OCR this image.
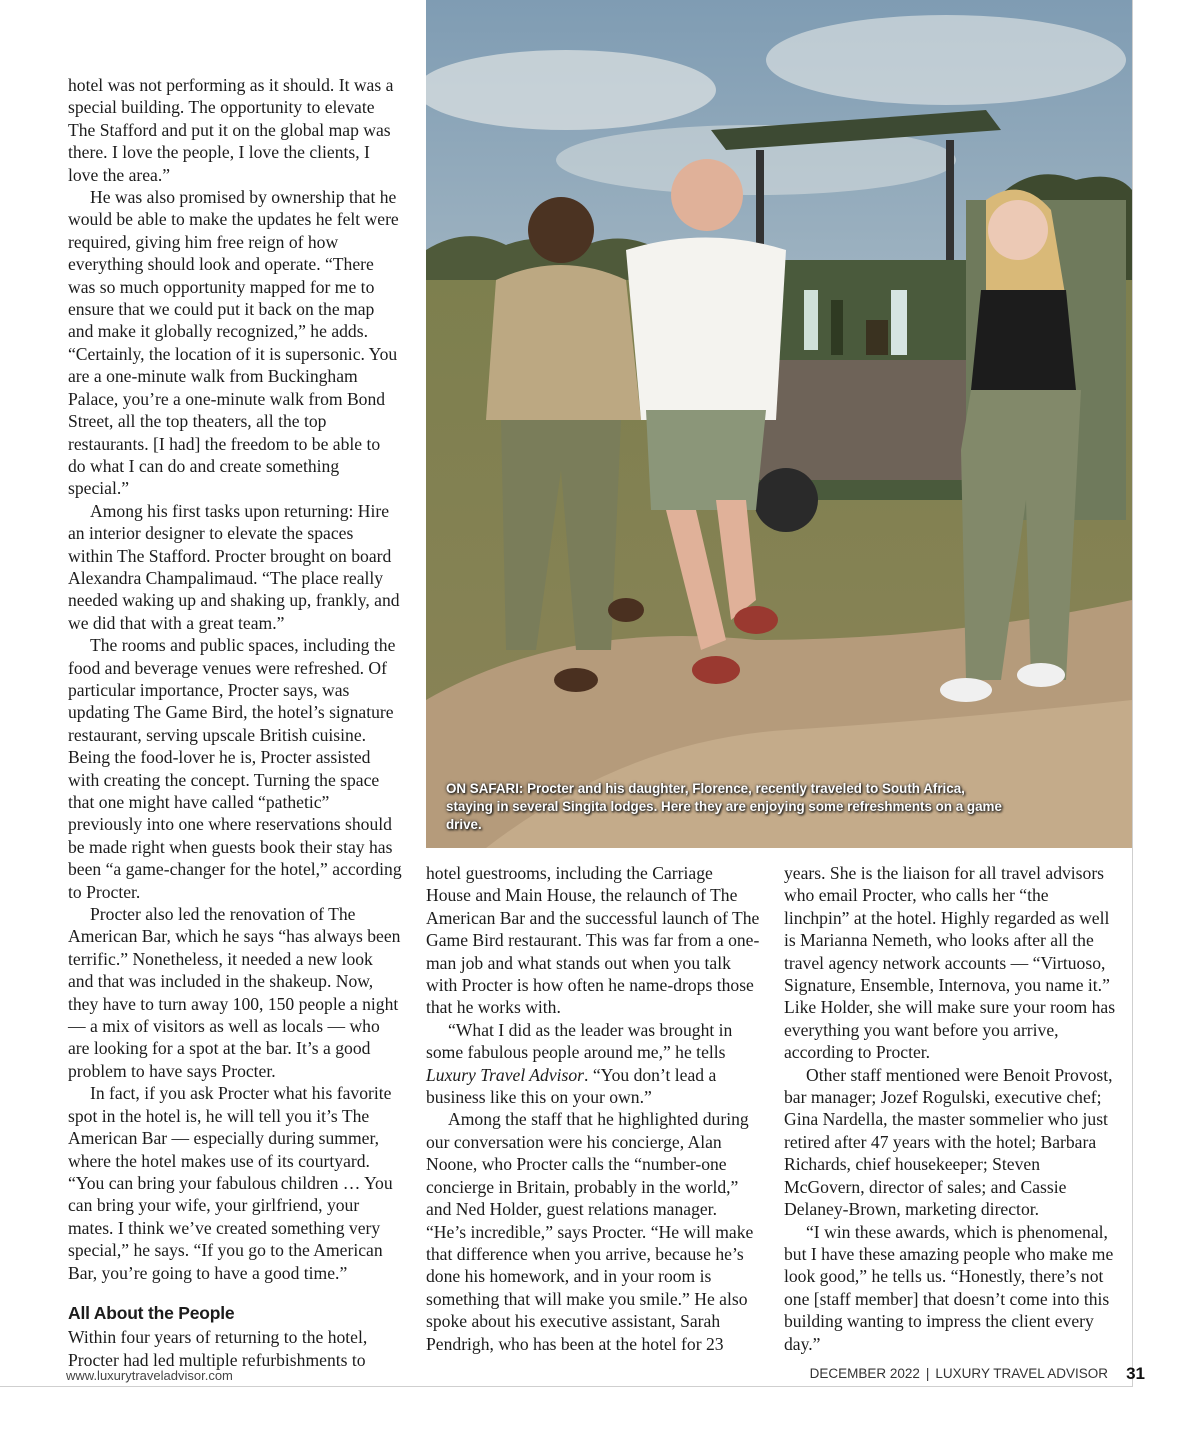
hotel was not performing as it should. It was a special building. The opportunity to elevate The Stafford and put it on the global map was there. I love the people, I love the clients, I love the area.”

He was also promised by ownership that he would be able to make the updates he felt were required, giving him free reign of how everything should look and operate. “There was so much opportunity mapped for me to ensure that we could put it back on the map and make it globally recognized,” he adds. “Certainly, the location of it is supersonic. You are a one-minute walk from Buckingham Palace, you’re a one-minute walk from Bond Street, all the top theaters, all the top restaurants. [I had] the freedom to be able to do what I can do and create something special.”

Among his first tasks upon returning: Hire an interior designer to elevate the spaces within The Stafford. Procter brought on board Alexandra Champalimaud. “The place really needed waking up and shaking up, frankly, and we did that with a great team.”

The rooms and public spaces, including the food and beverage venues were refreshed. Of particular importance, Procter says, was updating The Game Bird, the hotel’s signature restaurant, serving upscale British cuisine. Being the food-lover he is, Procter assisted with creating the concept. Turning the space that one might have called “pathetic” previously into one where reservations should be made right when guests book their stay has been “a game-changer for the hotel,” according to Procter.

Procter also led the renovation of The American Bar, which he says “has always been terrific.” Nonetheless, it needed a new look and that was included in the shakeup. Now, they have to turn away 100, 150 people a night — a mix of visitors as well as locals — who are looking for a spot at the bar. It’s a good problem to have says Procter.

In fact, if you ask Procter what his favorite spot in the hotel is, he will tell you it’s The American Bar — especially during summer, where the hotel makes use of its courtyard. “You can bring your fabulous children … You can bring your wife, your girlfriend, your mates. I think we’ve created something very special,” he says. “If you go to the American Bar, you’re going to have a good time.”

All About the People

Within four years of returning to the hotel, Procter had led multiple refurbishments to

ON SAFARI: Procter and his daughter, Florence, recently traveled to South Africa, staying in several Singita lodges. Here they are enjoying some refreshments on a game drive.

hotel guestrooms, including the Carriage House and Main House, the relaunch of The American Bar and the successful launch of The Game Bird restaurant. This was far from a one-man job and what stands out when you talk with Procter is how often he name-drops those that he works with.

“What I did as the leader was brought in some fabulous people around me,” he tells Luxury Travel Advisor. “You don’t lead a business like this on your own.”

Among the staff that he highlighted during our conversation were his concierge, Alan Noone, who Procter calls the “number-one concierge in Britain, probably in the world,” and Ned Holder, guest relations manager. “He’s incredible,” says Procter. “He will make that difference when you arrive, because he’s done his homework, and in your room is something that will make you smile.” He also spoke about his executive assistant, Sarah Pendrigh, who has been at the hotel for 23

years. She is the liaison for all travel advisors who email Procter, who calls her “the linchpin” at the hotel. Highly regarded as well is Marianna Nemeth, who looks after all the travel agency network accounts — “Virtuoso, Signature, Ensemble, Internova, you name it.” Like Holder, she will make sure your room has everything you want before you arrive, according to Procter.

Other staff mentioned were Benoit Provost, bar manager; Jozef Rogulski, executive chef; Gina Nardella, the master sommelier who just retired after 47 years with the hotel; Barbara Richards, chief housekeeper; Steven McGovern, director of sales; and Cassie Delaney-Brown, marketing director.

“I win these awards, which is phenomenal, but I have these amazing people who make me look good,” he tells us. “Honestly, there’s not one [staff member] that doesn’t come into this building wanting to impress the client every day.”

www.luxurytraveladvisor.com	DECEMBER 2022 | LUXURY TRAVEL ADVISOR 31
